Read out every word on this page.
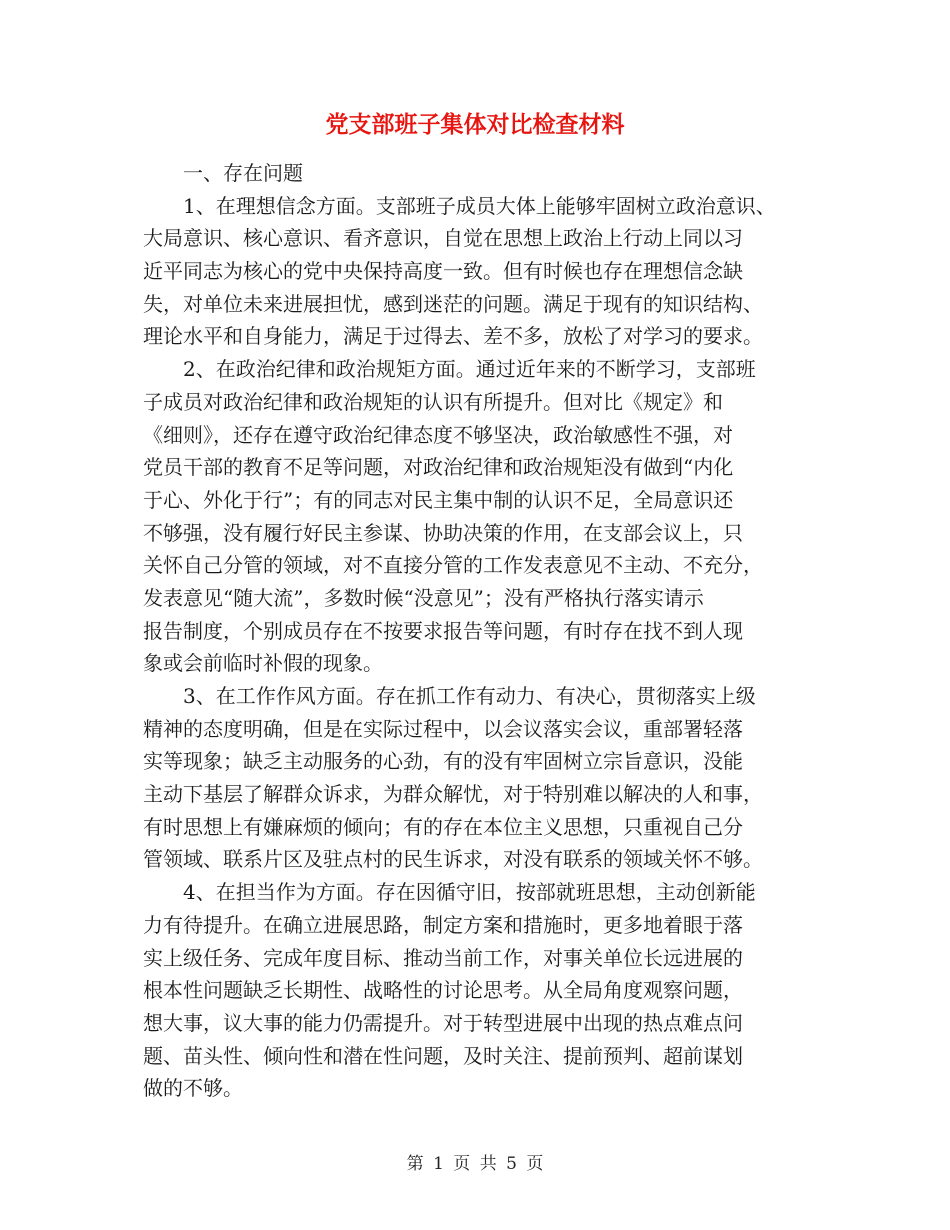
党支部班子集体对比检查材料
一、存在问题
1、在理想信念方面。支部班子成员大体上能够牢固树立政治意识、
大局意识、核心意识、看齐意识，自觉在思想上政治上行动上同以习
近平同志为核心的党中央保持高度一致。但有时候也存在理想信念缺
失，对单位未来进展担忧，感到迷茫的问题。满足于现有的知识结构、
理论水平和自身能力，满足于过得去、差不多，放松了对学习的要求。
2、在政治纪律和政治规矩方面。通过近年来的不断学习，支部班
子成员对政治纪律和政治规矩的认识有所提升。但对比《规定》和
《细则》，还存在遵守政治纪律态度不够坚决，政治敏感性不强，对
党员干部的教育不足等问题，对政治纪律和政治规矩没有做到“内化
于心、外化于行”；有的同志对民主集中制的认识不足，全局意识还
不够强，没有履行好民主参谋、协助决策的作用，在支部会议上，只
关怀自己分管的领域，对不直接分管的工作发表意见不主动、不充分，
发表意见“随大流”，多数时候“没意见”；没有严格执行落实请示
报告制度，个别成员存在不按要求报告等问题，有时存在找不到人现
象或会前临时补假的现象。
3、在工作作风方面。存在抓工作有动力、有决心，贯彻落实上级
精神的态度明确，但是在实际过程中，以会议落实会议，重部署轻落
实等现象；缺乏主动服务的心劲，有的没有牢固树立宗旨意识，没能
主动下基层了解群众诉求，为群众解忧，对于特别难以解决的人和事，
有时思想上有嫌麻烦的倾向；有的存在本位主义思想，只重视自己分
管领域、联系片区及驻点村的民生诉求，对没有联系的领域关怀不够。
4、在担当作为方面。存在因循守旧，按部就班思想，主动创新能
力有待提升。在确立进展思路，制定方案和措施时，更多地着眼于落
实上级任务、完成年度目标、推动当前工作，对事关单位长远进展的
根本性问题缺乏长期性、战略性的讨论思考。从全局角度观察问题，
想大事，议大事的能力仍需提升。对于转型进展中出现的热点难点问
题、苗头性、倾向性和潜在性问题，及时关注、提前预判、超前谋划
做的不够。
第 1 页 共 5 页
